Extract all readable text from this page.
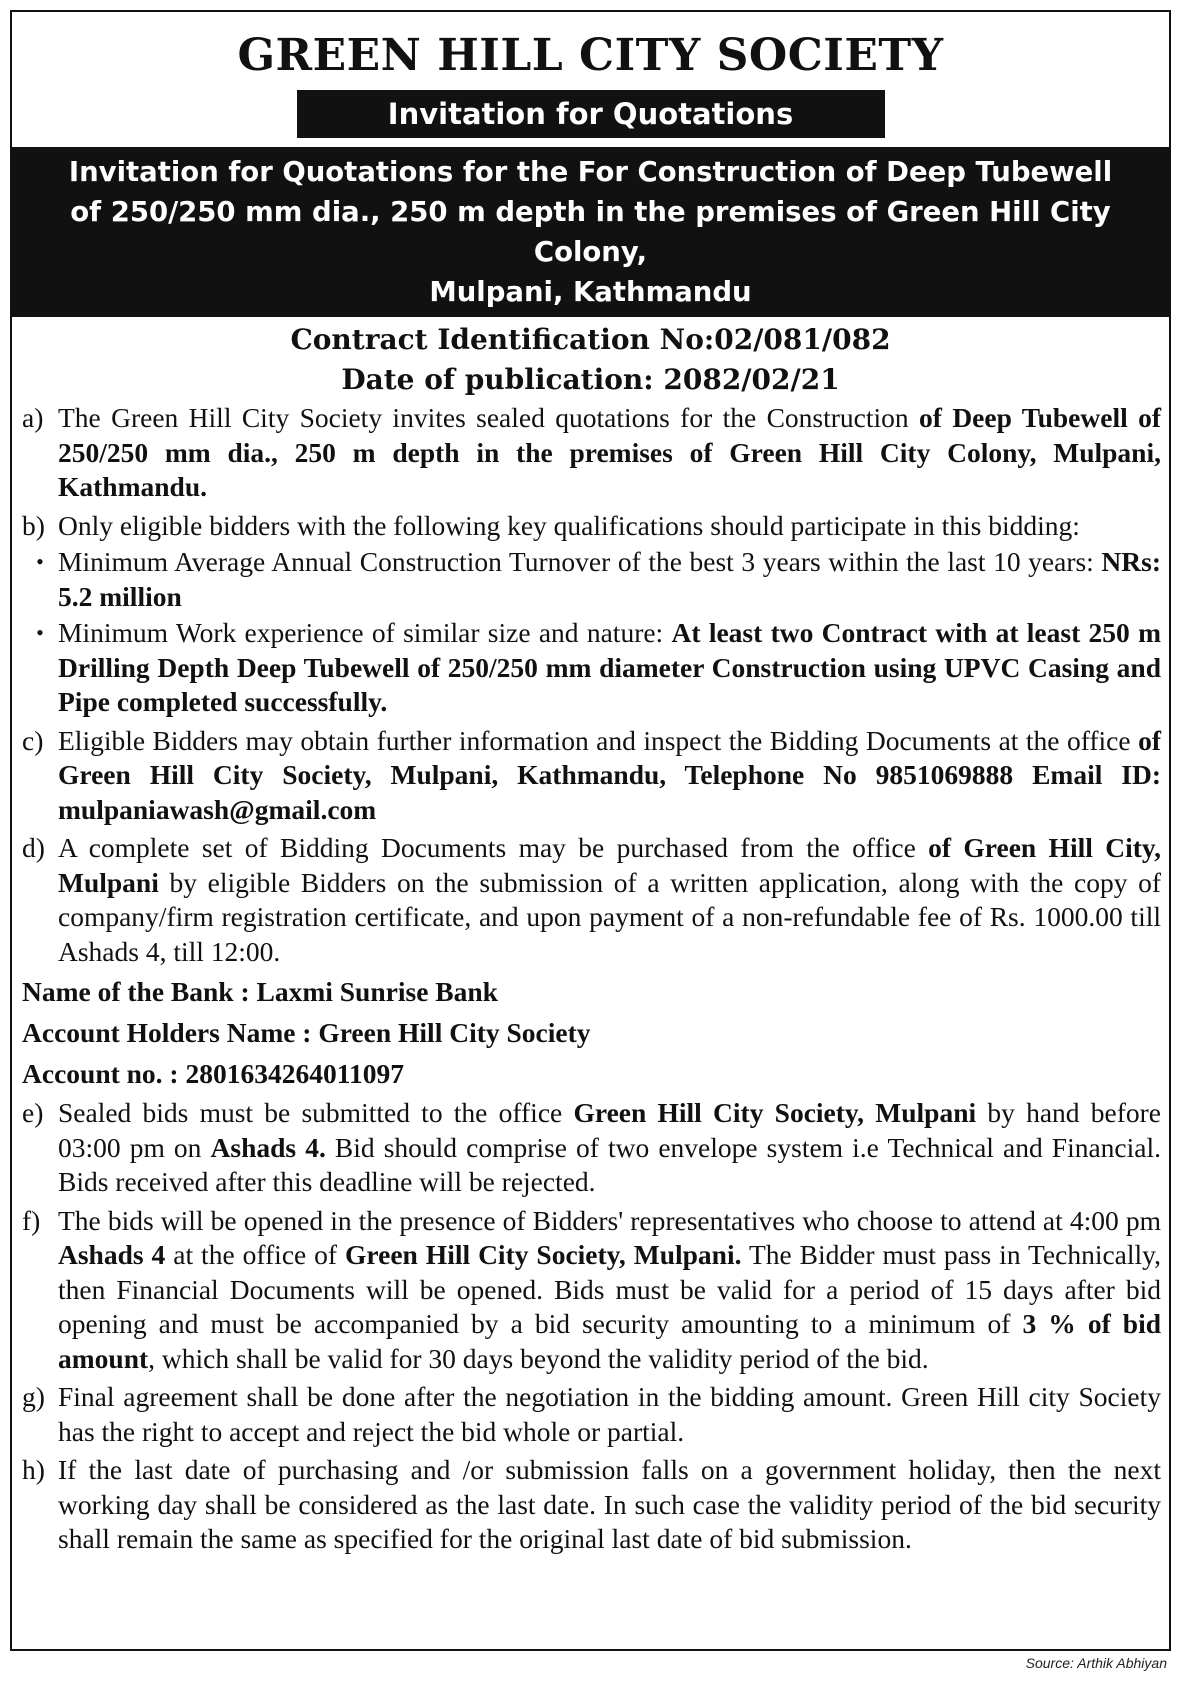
GREEN HILL CITY SOCIETY
Invitation for Quotations
Invitation for Quotations for the For Construction of Deep Tubewell
of 250/250 mm dia., 250 m depth in the premises of Green Hill City Colony,
Mulpani, Kathmandu
Contract Identification No:02/081/082
Date of publication: 2082/02/21
a) The Green Hill City Society invites sealed quotations for the Construction of Deep Tubewell of 250/250 mm dia., 250 m depth in the premises of Green Hill City Colony, Mulpani, Kathmandu.
b) Only eligible bidders with the following key qualifications should participate in this bidding:
• Minimum Average Annual Construction Turnover of the best 3 years within the last 10 years: NRs: 5.2 million
• Minimum Work experience of similar size and nature: At least two Contract with at least 250 m Drilling Depth Deep Tubewell of 250/250 mm diameter Construction using UPVC Casing and Pipe completed successfully.
c) Eligible Bidders may obtain further information and inspect the Bidding Documents at the office of Green Hill City Society, Mulpani, Kathmandu, Telephone No 9851069888 Email ID: mulpaniawash@gmail.com
d) A complete set of Bidding Documents may be purchased from the office of Green Hill City, Mulpani by eligible Bidders on the submission of a written application, along with the copy of company/firm registration certificate, and upon payment of a non-refundable fee of Rs. 1000.00 till Ashads 4, till 12:00.
Name of the Bank : Laxmi Sunrise Bank
Account Holders Name : Green Hill City Society
Account no. : 2801634264011097
e) Sealed bids must be submitted to the office Green Hill City Society, Mulpani by hand before 03:00 pm on Ashads 4. Bid should comprise of two envelope system i.e Technical and Financial. Bids received after this deadline will be rejected.
f) The bids will be opened in the presence of Bidders' representatives who choose to attend at 4:00 pm Ashads 4 at the office of Green Hill City Society, Mulpani. The Bidder must pass in Technically, then Financial Documents will be opened. Bids must be valid for a period of 15 days after bid opening and must be accompanied by a bid security amounting to a minimum of 3 % of bid amount, which shall be valid for 30 days beyond the validity period of the bid.
g) Final agreement shall be done after the negotiation in the bidding amount. Green Hill city Society has the right to accept and reject the bid whole or partial.
h) If the last date of purchasing and /or submission falls on a government holiday, then the next working day shall be considered as the last date. In such case the validity period of the bid security shall remain the same as specified for the original last date of bid submission.
Source: Arthik Abhiyan
